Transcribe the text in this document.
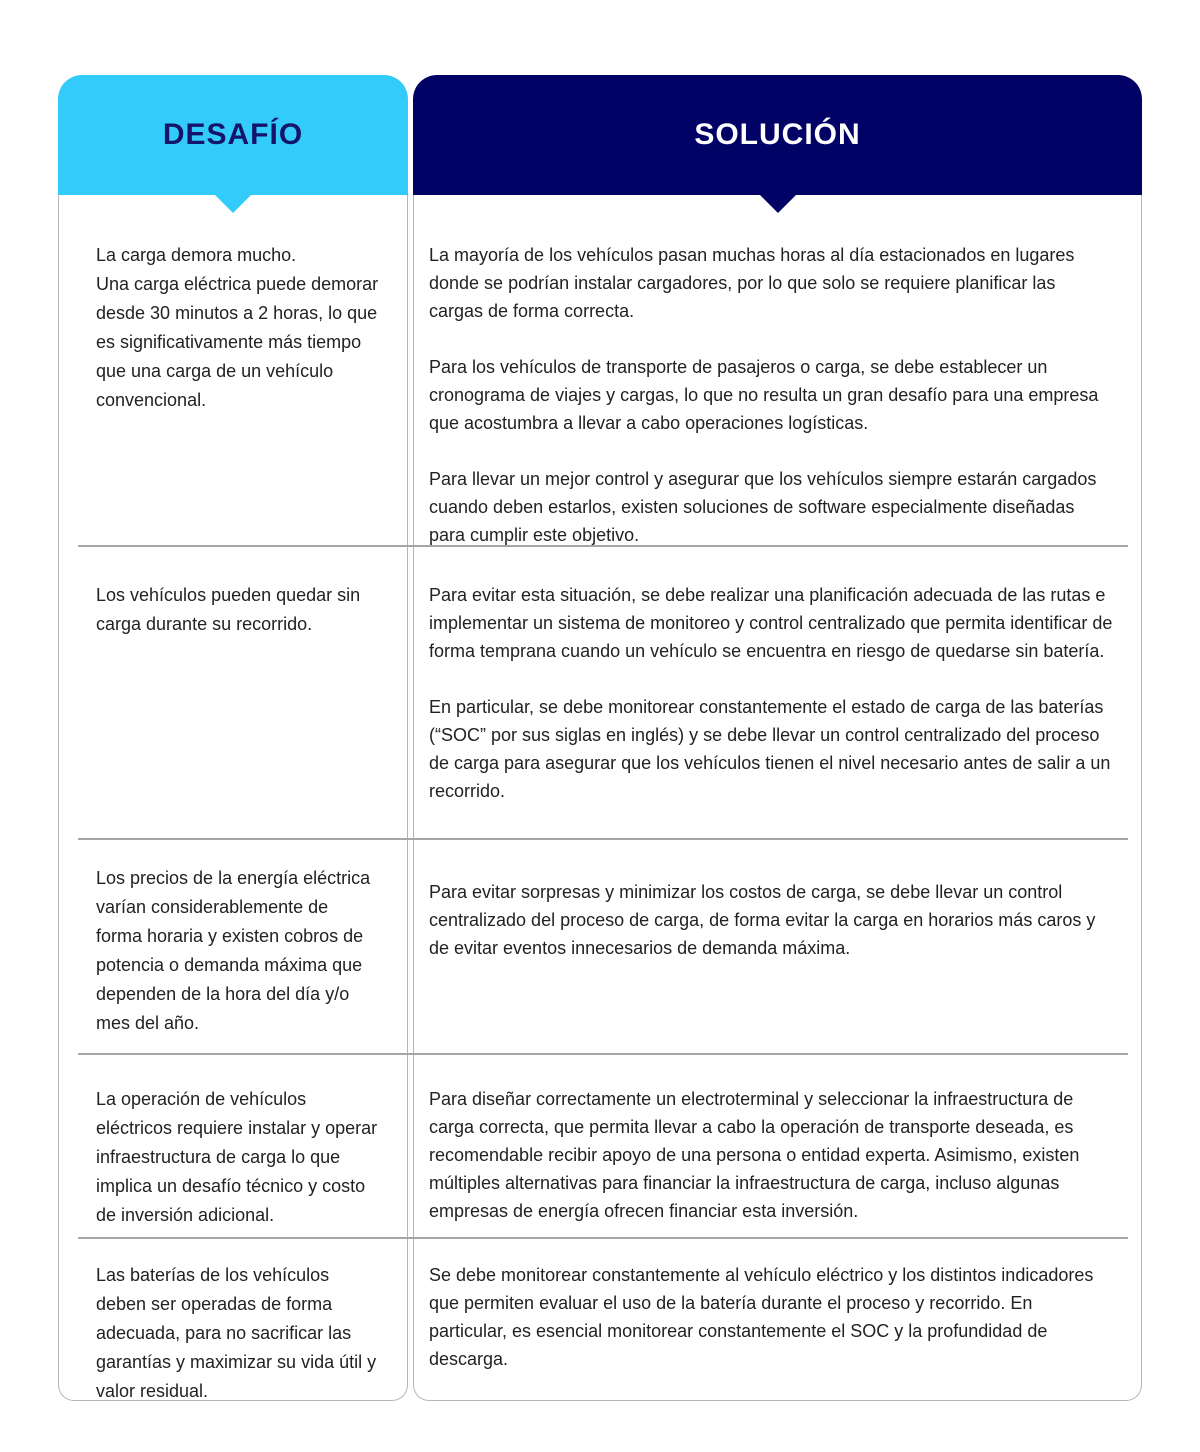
DESAFÍO

La carga demora mucho.

Una carga eléctrica puede demorar desde 30 minutos a 2 horas, lo que es significativamente más tiempo que una carga de un vehículo convencional.

Los vehículos pueden quedar sin carga durante su recorrido.

Los precios de la energía eléctrica varían considerablemente de forma horaria y existen cobros de potencia o demanda máxima que dependen de la hora del día y/o mes del año.

La operación de vehículos eléctricos requiere instalar y operar infraestructura de carga lo que implica un desafío técnico y costo de inversión adicional.

Las baterías de los vehículos deben ser operadas de forma adecuada, para no sacrificar las garantías y maximizar su vida útil y valor residual.

SOLUCIÓN

La mayoría de los vehículos pasan muchas horas al día estacionados en lugares donde se podrían instalar cargadores, por lo que solo se requiere planificar las cargas de forma correcta.

Para los vehículos de transporte de pasajeros o carga, se debe establecer un cronograma de viajes y cargas, lo que no resulta un gran desafío para una empresa que acostumbra a llevar a cabo operaciones logísticas.

Para llevar un mejor control y asegurar que los vehículos siempre estarán cargados cuando deben estarlos, existen soluciones de software especialmente diseñadas para cumplir este objetivo.

Para evitar esta situación, se debe realizar una planificación adecuada de las rutas e implementar un sistema de monitoreo y control centralizado que permita identificar de forma temprana cuando un vehículo se encuentra en riesgo de quedarse sin batería.

En particular, se debe monitorear constantemente el estado de carga de las baterías (“SOC” por sus siglas en inglés) y se debe llevar un control centralizado del proceso de carga para asegurar que los vehículos tienen el nivel necesario antes de salir a un recorrido.

Para evitar sorpresas y minimizar los costos de carga, se debe llevar un control centralizado del proceso de carga, de forma evitar la carga en horarios más caros y de evitar eventos innecesarios de demanda máxima.

Para diseñar correctamente un electroterminal y seleccionar la infraestructura de carga correcta, que permita llevar a cabo la operación de transporte deseada, es recomendable recibir apoyo de una persona o entidad experta. Asimismo, existen múltiples alternativas para financiar la infraestructura de carga, incluso algunas empresas de energía ofrecen financiar esta inversión.

Se debe monitorear constantemente al vehículo eléctrico y los distintos indicadores que permiten evaluar el uso de la batería durante el proceso y recorrido. En particular, es esencial monitorear constantemente el SOC y la profundidad de descarga.
